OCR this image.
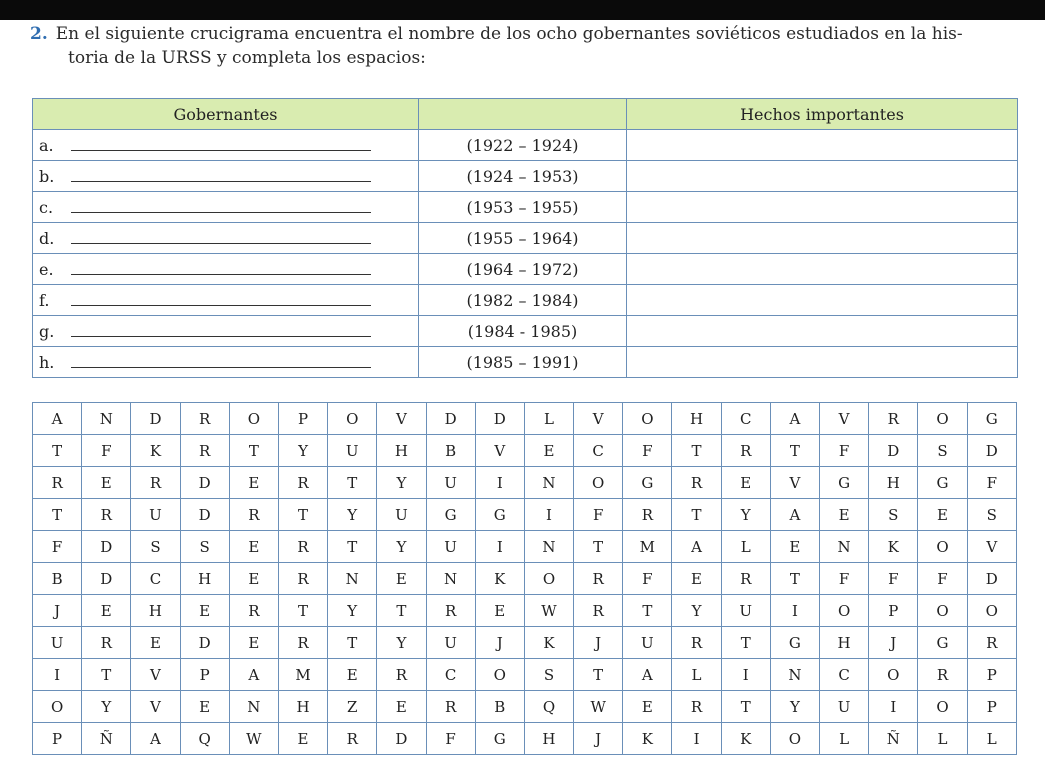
2. En el siguiente crucigrama encuentra el nombre de los ocho gobernantes soviéticos estudiados en la his-
toria de la URSS y completa los espacios:
Gobernantes		Hechos importantes
a.	(1922 – 1924)	
b.	(1924 – 1953)	
c.	(1953 – 1955)	
d.	(1955 – 1964)	
e.	(1964 – 1972)	
f.	(1982 – 1984)	
g.	(1984 - 1985)	
h.	(1985 – 1991)	
A	N	D	R	O	P	O	V	D	D	L	V	O	H	C	A	V	R	O	G
T	F	K	R	T	Y	U	H	B	V	E	C	F	T	R	T	F	D	S	D
R	E	R	D	E	R	T	Y	U	I	N	O	G	R	E	V	G	H	G	F
T	R	U	D	R	T	Y	U	G	G	I	F	R	T	Y	A	E	S	E	S
F	D	S	S	E	R	T	Y	U	I	N	T	M	A	L	E	N	K	O	V
B	D	C	H	E	R	N	E	N	K	O	R	F	E	R	T	F	F	F	D
J	E	H	E	R	T	Y	T	R	E	W	R	T	Y	U	I	O	P	O	O
U	R	E	D	E	R	T	Y	U	J	K	J	U	R	T	G	H	J	G	R
I	T	V	P	A	M	E	R	C	O	S	T	A	L	I	N	C	O	R	P
O	Y	V	E	N	H	Z	E	R	B	Q	W	E	R	T	Y	U	I	O	P
P	Ñ	A	Q	W	E	R	D	F	G	H	J	K	I	K	O	L	Ñ	L	L
